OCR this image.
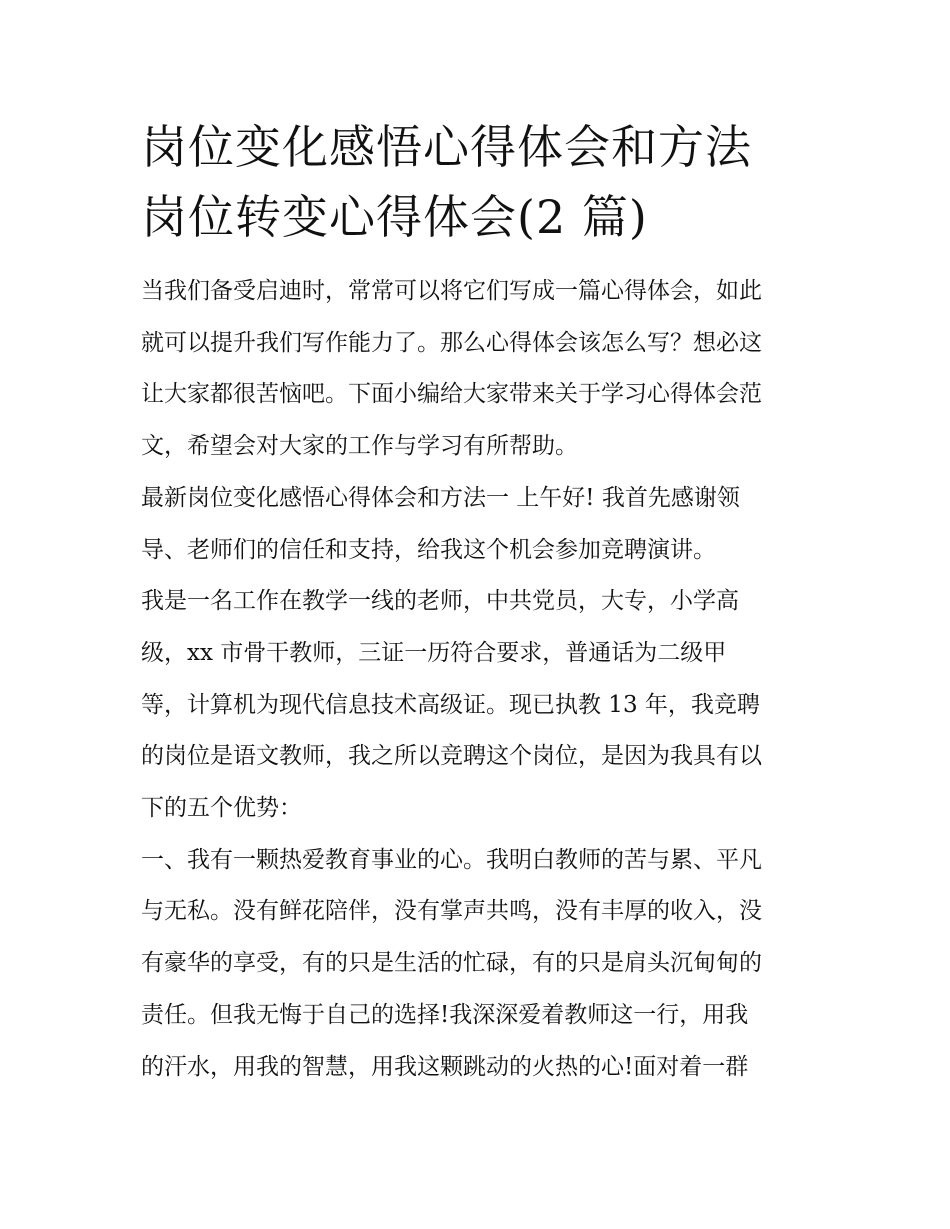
岗位变化感悟心得体会和方法
岗位转变心得体会(2 篇)

当我们备受启迪时，常常可以将它们写成一篇心得体会，如此
就可以提升我们写作能力了。那么心得体会该怎么写？想必这
让大家都很苦恼吧。下面小编给大家带来关于学习心得体会范
文，希望会对大家的工作与学习有所帮助。

最新岗位变化感悟心得体会和方法一 上午好! 我首先感谢领
导、老师们的信任和支持，给我这个机会参加竞聘演讲。

我是一名工作在教学一线的老师，中共党员，大专，小学高
级，xx 市骨干教师，三证一历符合要求，普通话为二级甲
等，计算机为现代信息技术高级证。现已执教 13 年，我竞聘
的岗位是语文教师，我之所以竞聘这个岗位，是因为我具有以
下的五个优势：

一、我有一颗热爱教育事业的心。我明白教师的苦与累、平凡
与无私。没有鲜花陪伴，没有掌声共鸣，没有丰厚的收入，没
有豪华的享受，有的只是生活的忙碌，有的只是肩头沉甸甸的
责任。但我无悔于自己的选择!我深深爱着教师这一行，用我
的汗水，用我的智慧，用我这颗跳动的火热的心!面对着一群
